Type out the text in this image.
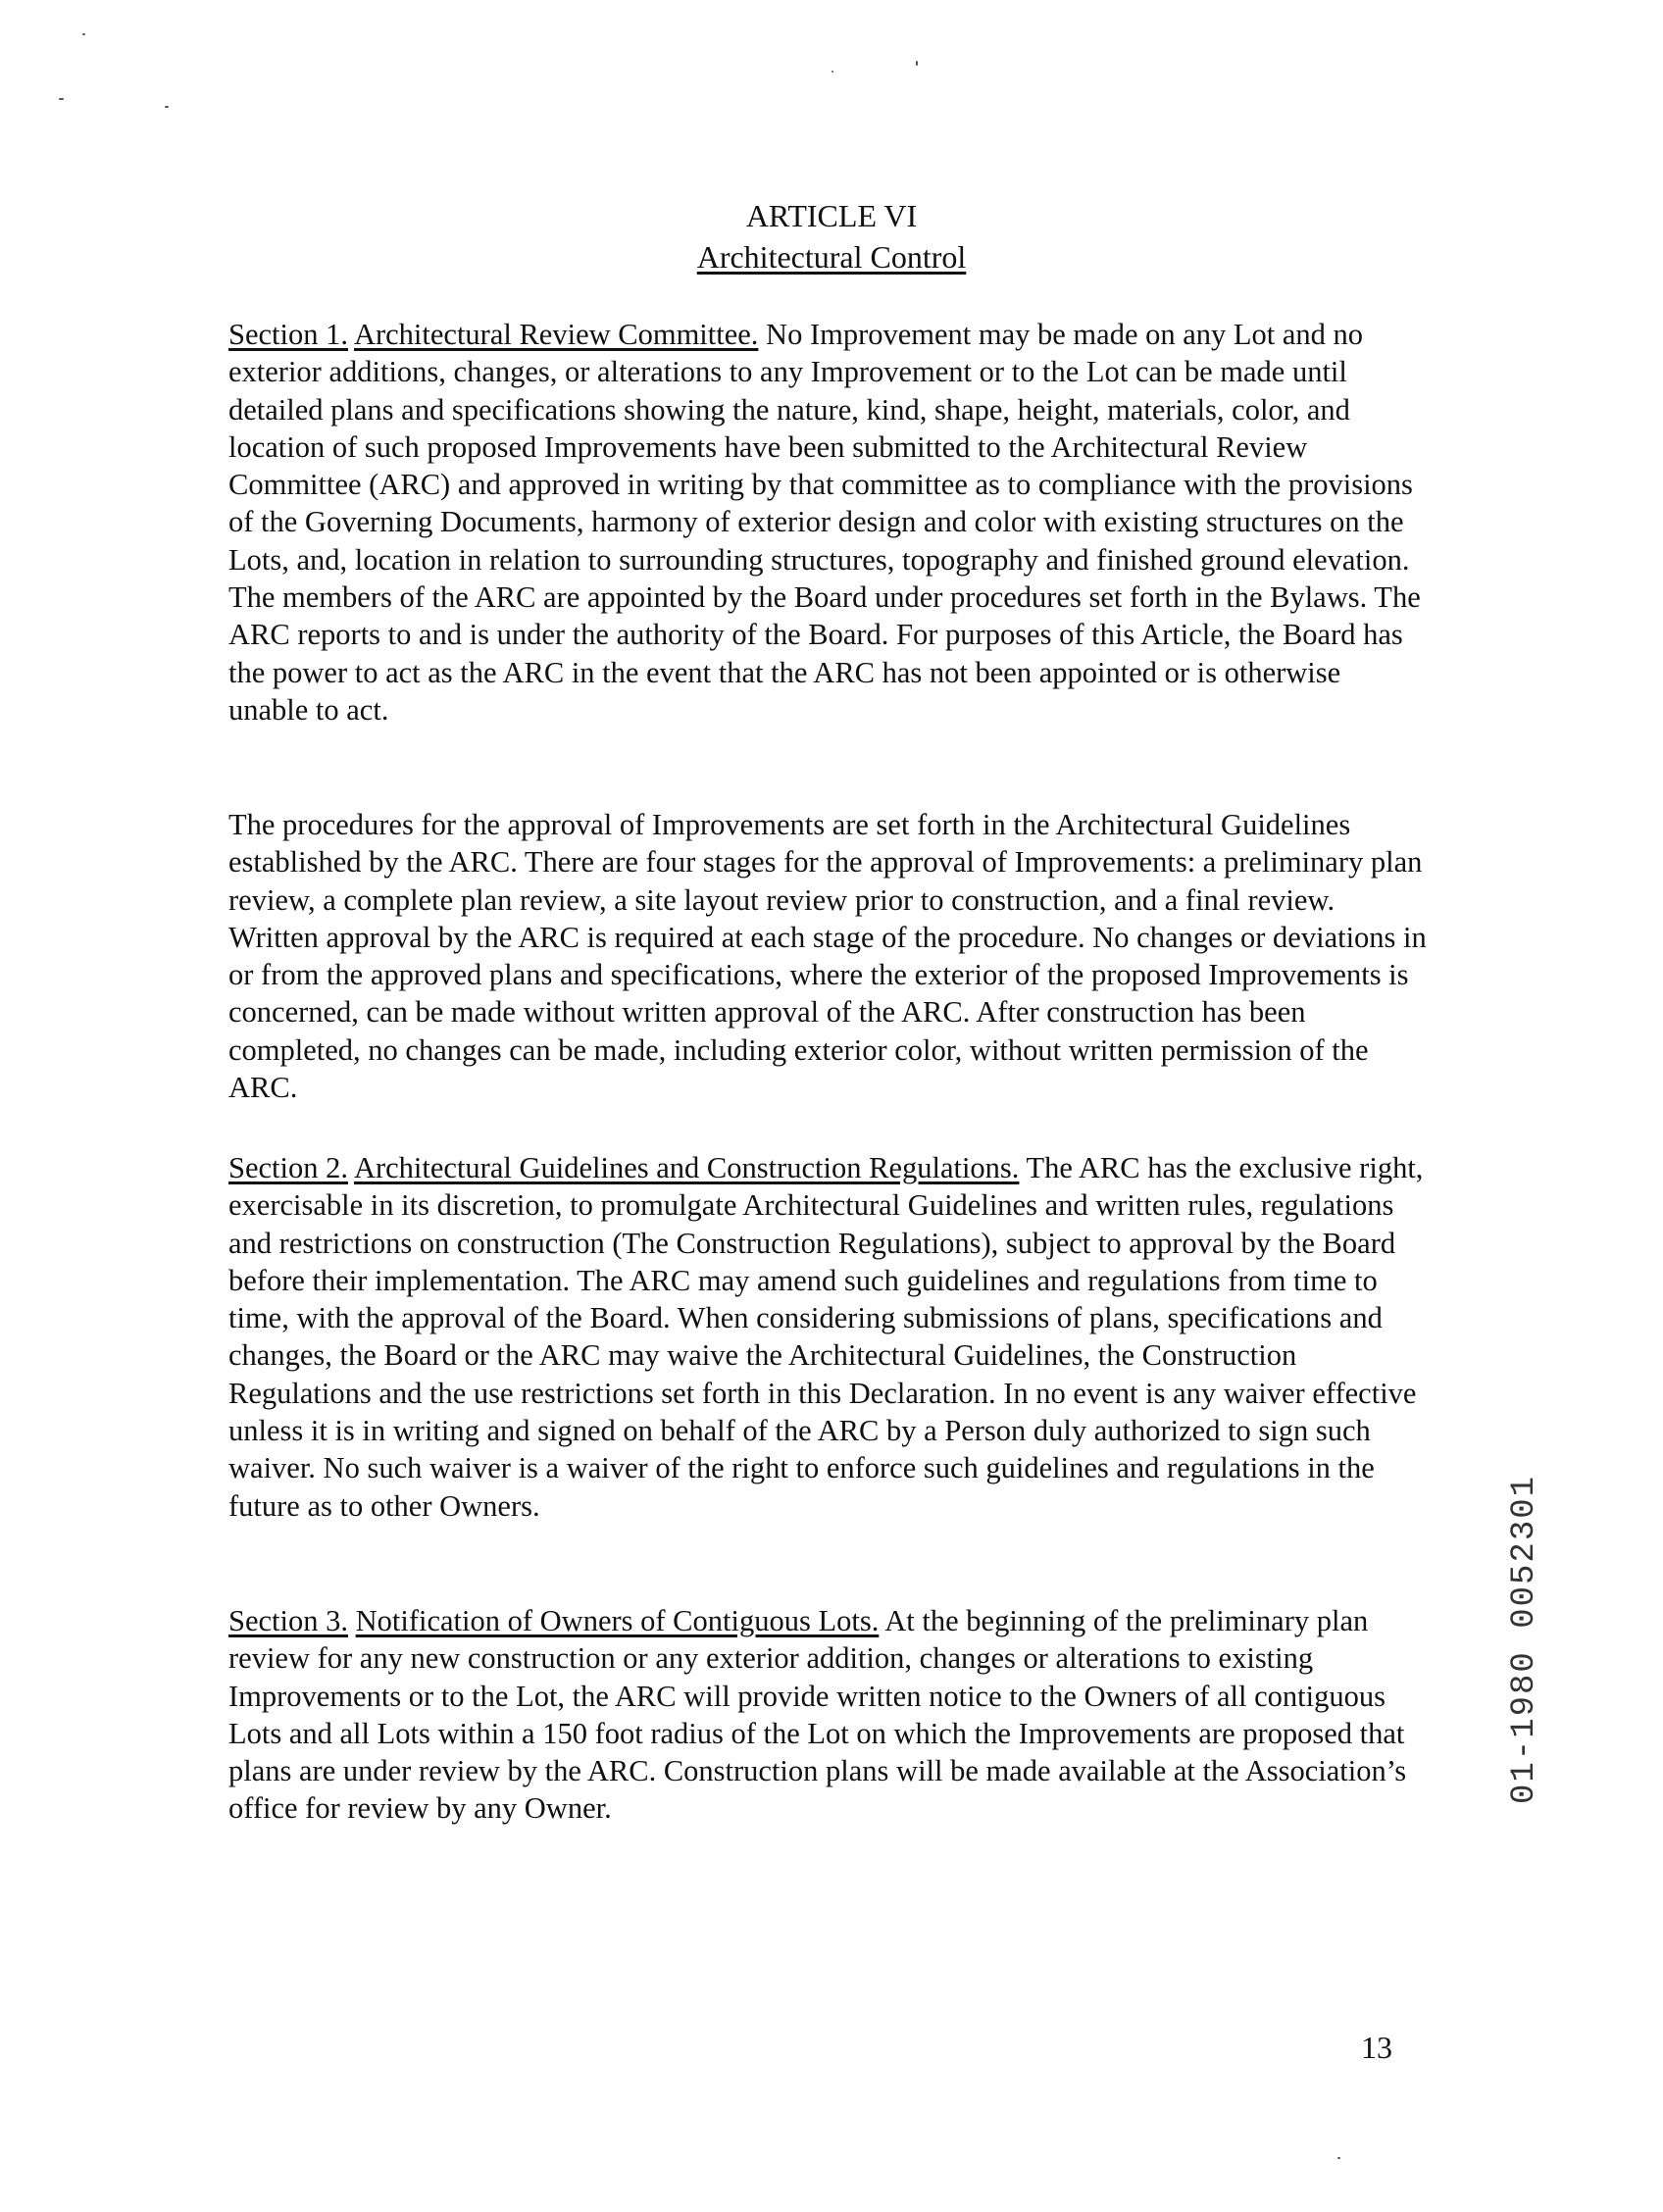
ARTICLE VI
Architectural Control
Section 1. Architectural Review Committee. No Improvement may be made on any Lot and no exterior additions, changes, or alterations to any Improvement or to the Lot can be made until detailed plans and specifications showing the nature, kind, shape, height, materials, color, and location of such proposed Improvements have been submitted to the Architectural Review Committee (ARC) and approved in writing by that committee as to compliance with the provisions of the Governing Documents, harmony of exterior design and color with existing structures on the Lots, and, location in relation to surrounding structures, topography and finished ground elevation. The members of the ARC are appointed by the Board under procedures set forth in the Bylaws. The ARC reports to and is under the authority of the Board. For purposes of this Article, the Board has the power to act as the ARC in the event that the ARC has not been appointed or is otherwise unable to act.
The procedures for the approval of Improvements are set forth in the Architectural Guidelines established by the ARC. There are four stages for the approval of Improvements: a preliminary plan review, a complete plan review, a site layout review prior to construction, and a final review. Written approval by the ARC is required at each stage of the procedure. No changes or deviations in or from the approved plans and specifications, where the exterior of the proposed Improvements is concerned, can be made without written approval of the ARC. After construction has been completed, no changes can be made, including exterior color, without written permission of the ARC.
Section 2. Architectural Guidelines and Construction Regulations. The ARC has the exclusive right, exercisable in its discretion, to promulgate Architectural Guidelines and written rules, regulations and restrictions on construction (The Construction Regulations), subject to approval by the Board before their implementation. The ARC may amend such guidelines and regulations from time to time, with the approval of the Board. When considering submissions of plans, specifications and changes, the Board or the ARC may waive the Architectural Guidelines, the Construction Regulations and the use restrictions set forth in this Declaration. In no event is any waiver effective unless it is in writing and signed on behalf of the ARC by a Person duly authorized to sign such waiver. No such waiver is a waiver of the right to enforce such guidelines and regulations in the future as to other Owners.
Section 3. Notification of Owners of Contiguous Lots. At the beginning of the preliminary plan review for any new construction or any exterior addition, changes or alterations to existing Improvements or to the Lot, the ARC will provide written notice to the Owners of all contiguous Lots and all Lots within a 150 foot radius of the Lot on which the Improvements are proposed that plans are under review by the ARC. Construction plans will be made available at the Association’s office for review by any Owner.
01-1980 0052301
13
